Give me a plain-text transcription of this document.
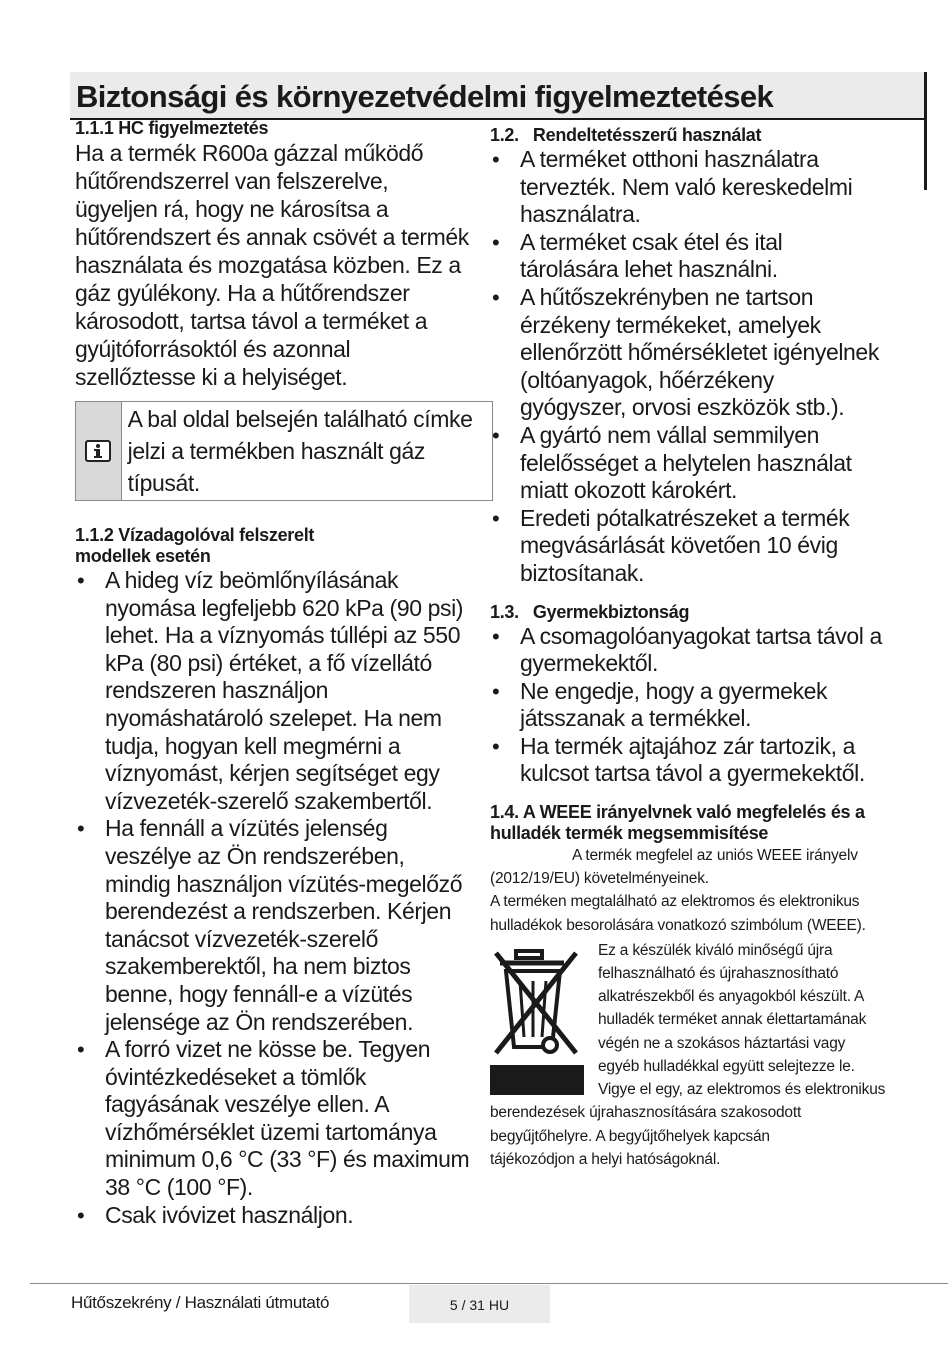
Biztonsági és környezetvédelmi figyelmeztetések

1.1.1 HC figyelmeztetés

Ha a termék R600a gázzal működő hűtőrendszerrel van felszerelve, ügyeljen rá, hogy ne károsítsa a hűtőrendszert és annak csövét a termék használata és mozgatása közben. Ez a gáz gyúlékony. Ha a hűtőrendszer károsodott, tartsa távol a terméket a gyújtóforrásoktól és azonnal szellőztesse ki a helyiséget.

A bal oldal belsején található címke jelzi a termékben használt gáz típusát.

1.1.2 Vízadagolóval felszerelt modellek esetén

• A hideg víz beömlőnyílásának nyomása legfeljebb 620 kPa (90 psi) lehet. Ha a víznyomás túllépi az 550 kPa (80 psi) értéket, a fő vízellátó rendszeren használjon nyomáshatároló szelepet. Ha nem tudja, hogyan kell megmérni a víznyomást, kérjen segítséget egy vízvezeték-szerelő szakembertől.
• Ha fennáll a vízütés jelenség veszélye az Ön rendszerében, mindig használjon vízütés-megelőző berendezést a rendszerben. Kérjen tanácsot vízvezeték-szerelő szakemberektől, ha nem biztos benne, hogy fennáll-e a vízütés jelensége az Ön rendszerében.
• A forró vizet ne kösse be. Tegyen óvintézkedéseket a tömlők fagyásának veszélye ellen. A vízhőmérséklet üzemi tartománya minimum 0,6 °C (33 °F) és maximum 38 °C (100 °F).
• Csak ivóvizet használjon.

1.2.   Rendeltetésszerű használat

• A terméket otthoni használatra tervezték. Nem való kereskedelmi használatra.
• A terméket csak étel és ital tárolására lehet használni.
• A hűtőszekrényben ne tartson érzékeny termékeket, amelyek ellenőrzött hőmérsékletet igényelnek (oltóanyagok, hőérzékeny gyógyszer, orvosi eszközök stb.).
• A gyártó nem vállal semmilyen felelősséget a helytelen használat miatt okozott károkért.
• Eredeti pótalkatrészeket a termék megvásárlását követően 10 évig biztosítanak.

1.3.   Gyermekbiztonság

• A csomagolóanyagokat tartsa távol a gyermekektől.
• Ne engedje, hogy a gyermekek játsszanak a termékkel.
• Ha termék ajtajához zár tartozik, a kulcsot tartsa távol a gyermekektől.

1.4. A WEEE irányelvnek való megfelelés és a hulladék termék megsemmisítése

A termék megfelel az uniós WEEE irányelv (2012/19/EU) követelményeinek.

A terméken megtalálható az elektromos és elektronikus hulladékok besorolására vonatkozó szimbólum (WEEE).

Ez a készülék kiváló minőségű újra felhasználható és újrahasznosítható alkatrészekből és anyagokból készült. A hulladék terméket annak élettartamának végén ne a szokásos háztartási vagy egyéb hulladékkal együtt selejtezze le. Vigye el egy, az elektromos és elektronikus

berendezések újrahasznosítására szakosodott begyűjtőhelyre. A begyűjtőhelyek kapcsán tájékozódjon a helyi hatóságoknál.

Hűtőszekrény / Használati útmutató	5 / 31 HU
